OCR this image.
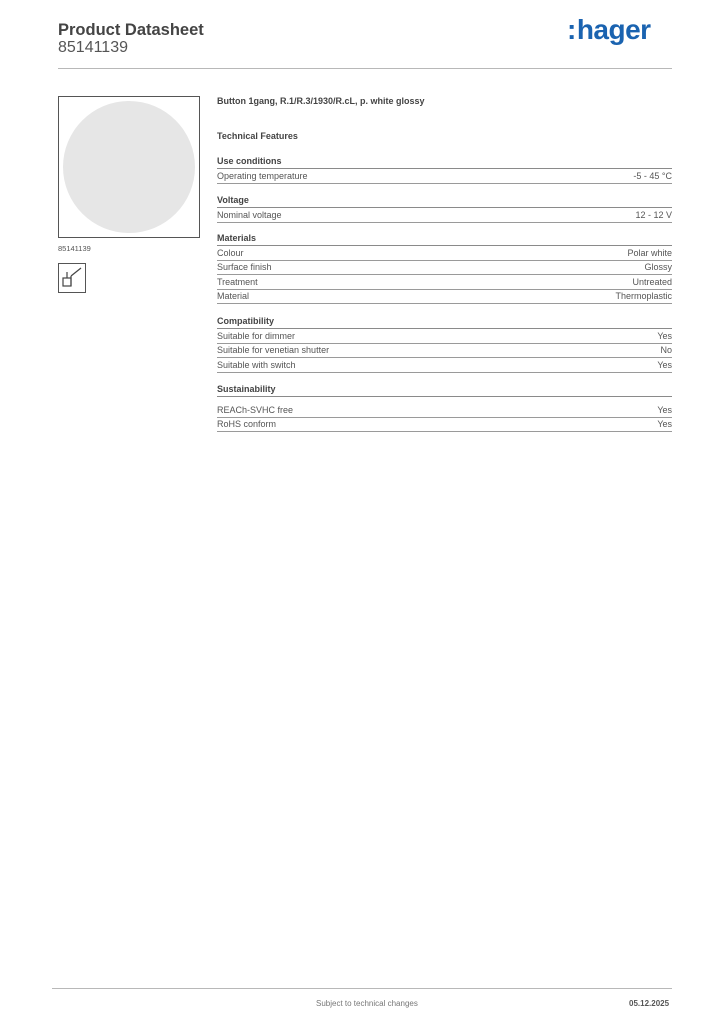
Product Datasheet
85141139
:hager
85141139
Button 1gang, R.1/R.3/1930/R.cL, p. white glossy
Technical Features
Use conditions
Operating temperature	-5 - 45 °C
Voltage
Nominal voltage	12 - 12 V
Materials
Colour	Polar white
Surface finish	Glossy
Treatment	Untreated
Material	Thermoplastic
Compatibility
Suitable for dimmer	Yes
Suitable for venetian shutter	No
Suitable with switch	Yes
Sustainability
REACh-SVHC free	Yes
RoHS conform	Yes
Subject to technical changes	05.12.2025
